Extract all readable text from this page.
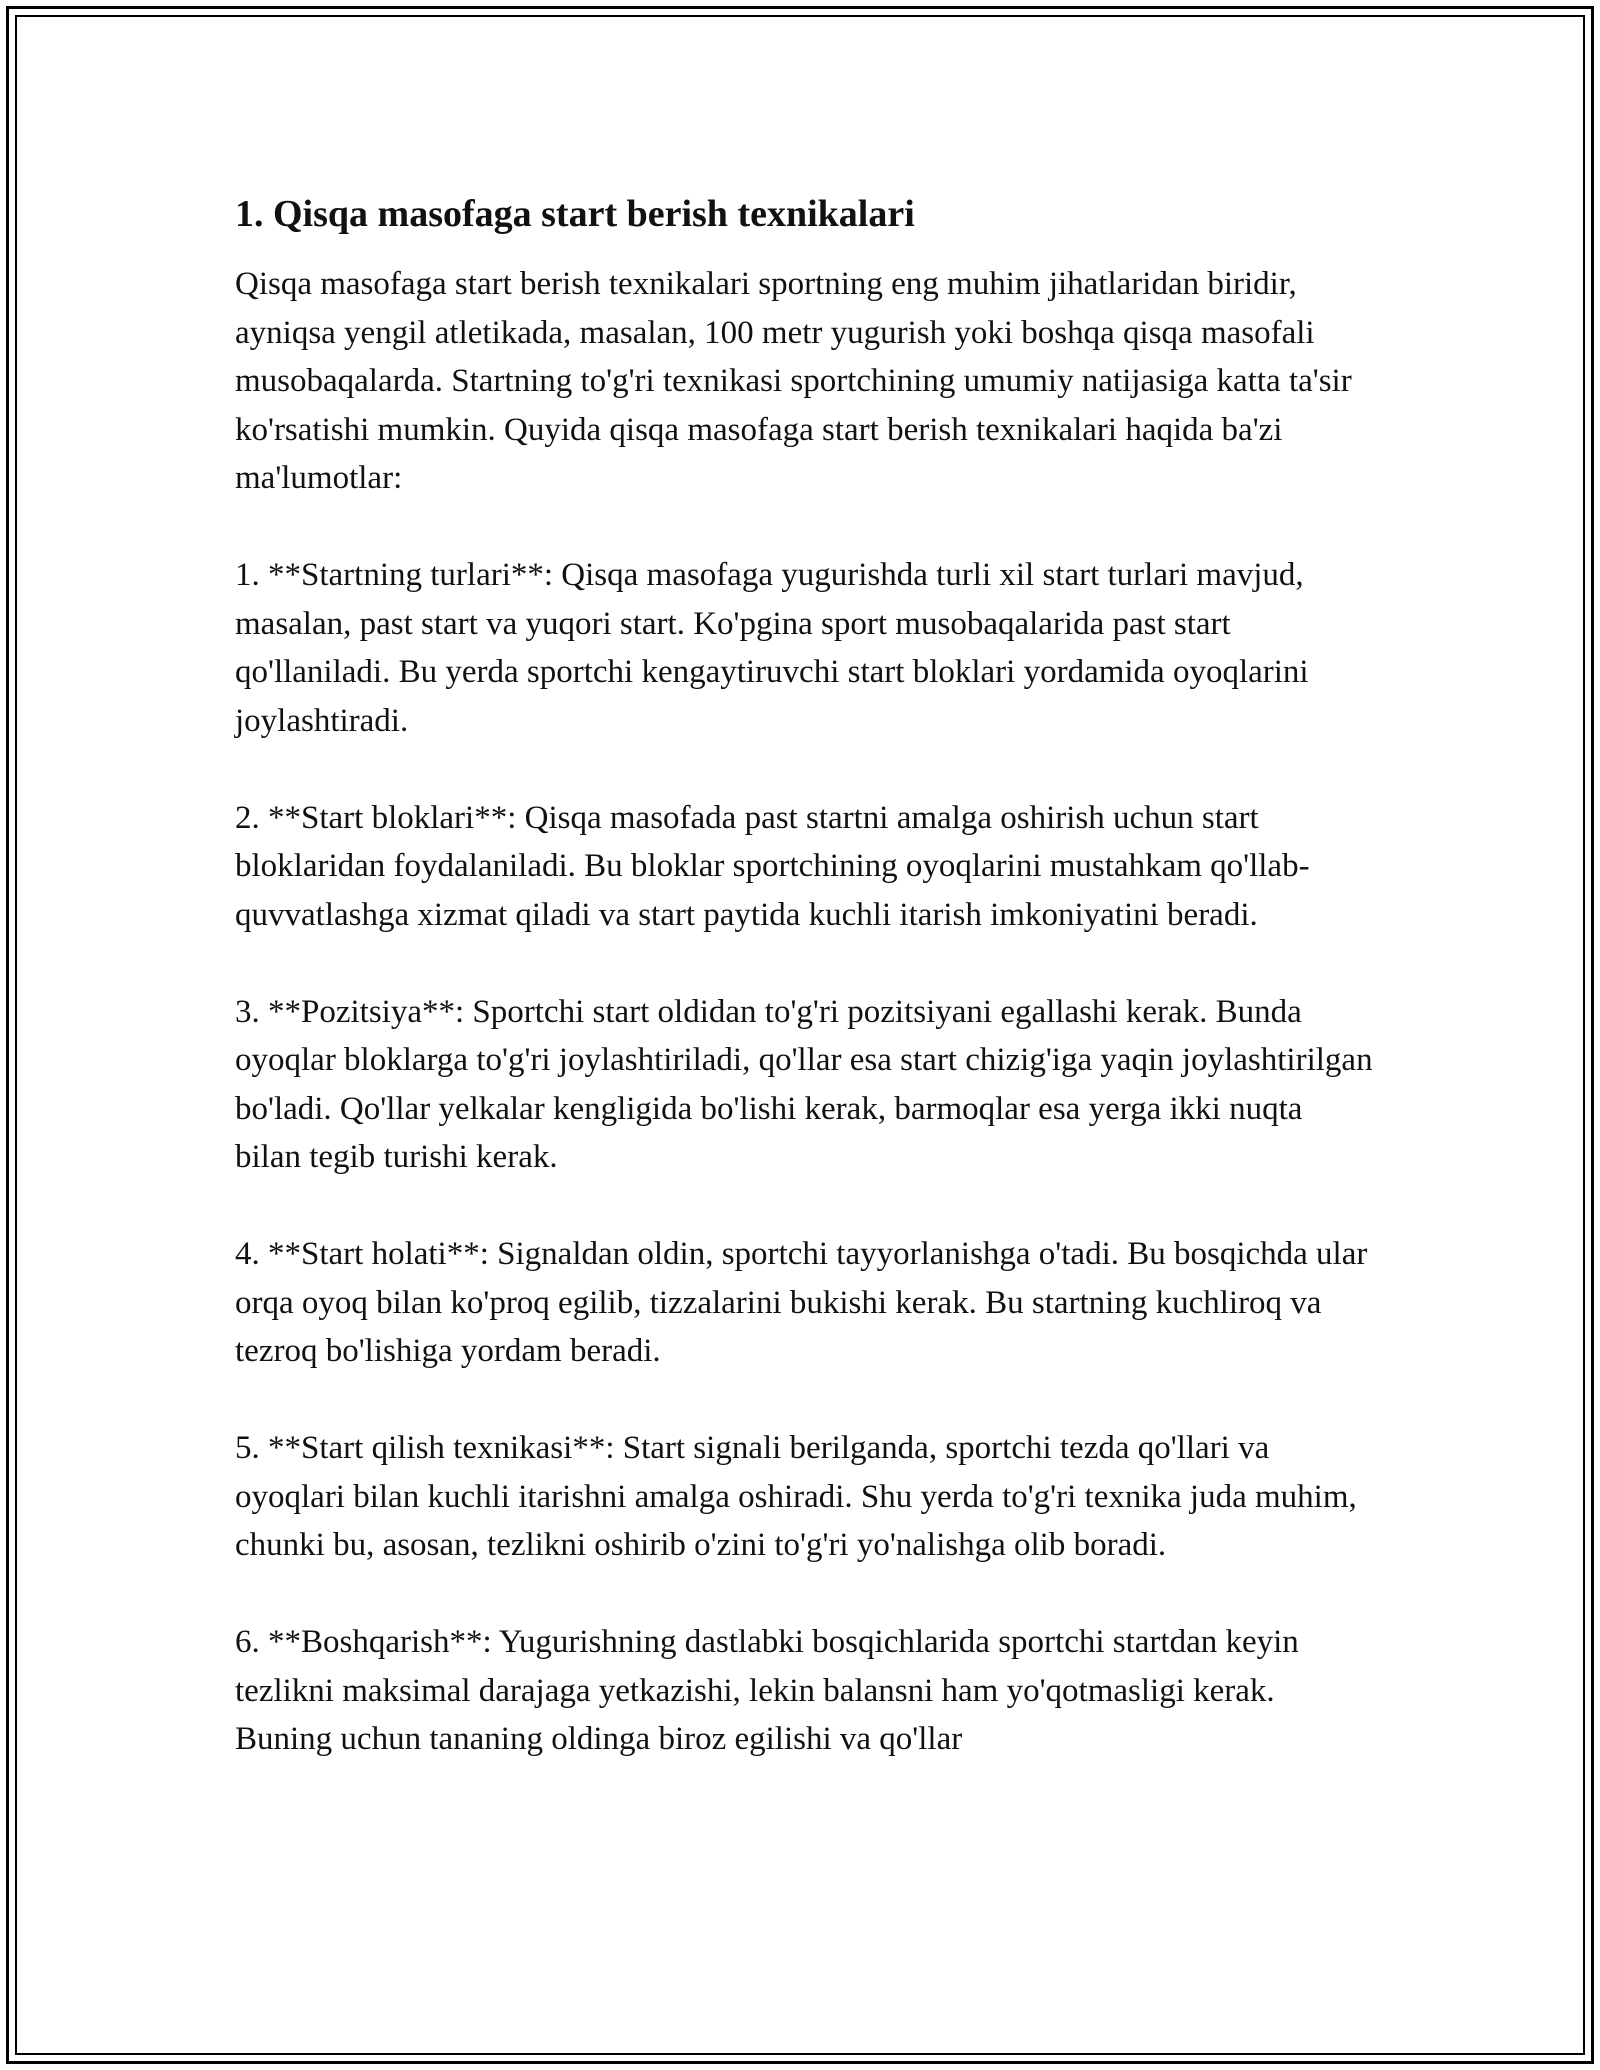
1. Qisqa masofaga start berish texnikalari

Qisqa masofaga start berish texnikalari sportning eng muhim jihatlaridan biridir, ayniqsa yengil atletikada, masalan, 100 metr yugurish yoki boshqa qisqa masofali musobaqalarda. Startning to'g'ri texnikasi sportchining umumiy natijasiga katta ta'sir ko'rsatishi mumkin. Quyida qisqa masofaga start berish texnikalari haqida ba'zi ma'lumotlar:

1. **Startning turlari**: Qisqa masofaga yugurishda turli xil start turlari mavjud, masalan, past start va yuqori start. Ko'pgina sport musobaqalarida past start qo'llaniladi. Bu yerda sportchi kengaytiruvchi start bloklari yordamida oyoqlarini joylashtiradi.

2. **Start bloklari**: Qisqa masofada past startni amalga oshirish uchun start bloklaridan foydalaniladi. Bu bloklar sportchining oyoqlarini mustahkam qo'llab-quvvatlashga xizmat qiladi va start paytida kuchli itarish imkoniyatini beradi.

3. **Pozitsiya**: Sportchi start oldidan to'g'ri pozitsiyani egallashi kerak. Bunda oyoqlar bloklarga to'g'ri joylashtiriladi, qo'llar esa start chizig'iga yaqin joylashtirilgan bo'ladi. Qo'llar yelkalar kengligida bo'lishi kerak, barmoqlar esa yerga ikki nuqta bilan tegib turishi kerak.

4. **Start holati**: Signaldan oldin, sportchi tayyorlanishga o'tadi. Bu bosqichda ular orqa oyoq bilan ko'proq egilib, tizzalarini bukishi kerak. Bu startning kuchliroq va tezroq bo'lishiga yordam beradi.

5. **Start qilish texnikasi**: Start signali berilganda, sportchi tezda qo'llari va oyoqlari bilan kuchli itarishni amalga oshiradi. Shu yerda to'g'ri texnika juda muhim, chunki bu, asosan, tezlikni oshirib o'zini to'g'ri yo'nalishga olib boradi.

6. **Boshqarish**: Yugurishning dastlabki bosqichlarida sportchi startdan keyin tezlikni maksimal darajaga yetkazishi, lekin balansni ham yo'qotmasligi kerak. Buning uchun tananing oldinga biroz egilishi va qo'llar
